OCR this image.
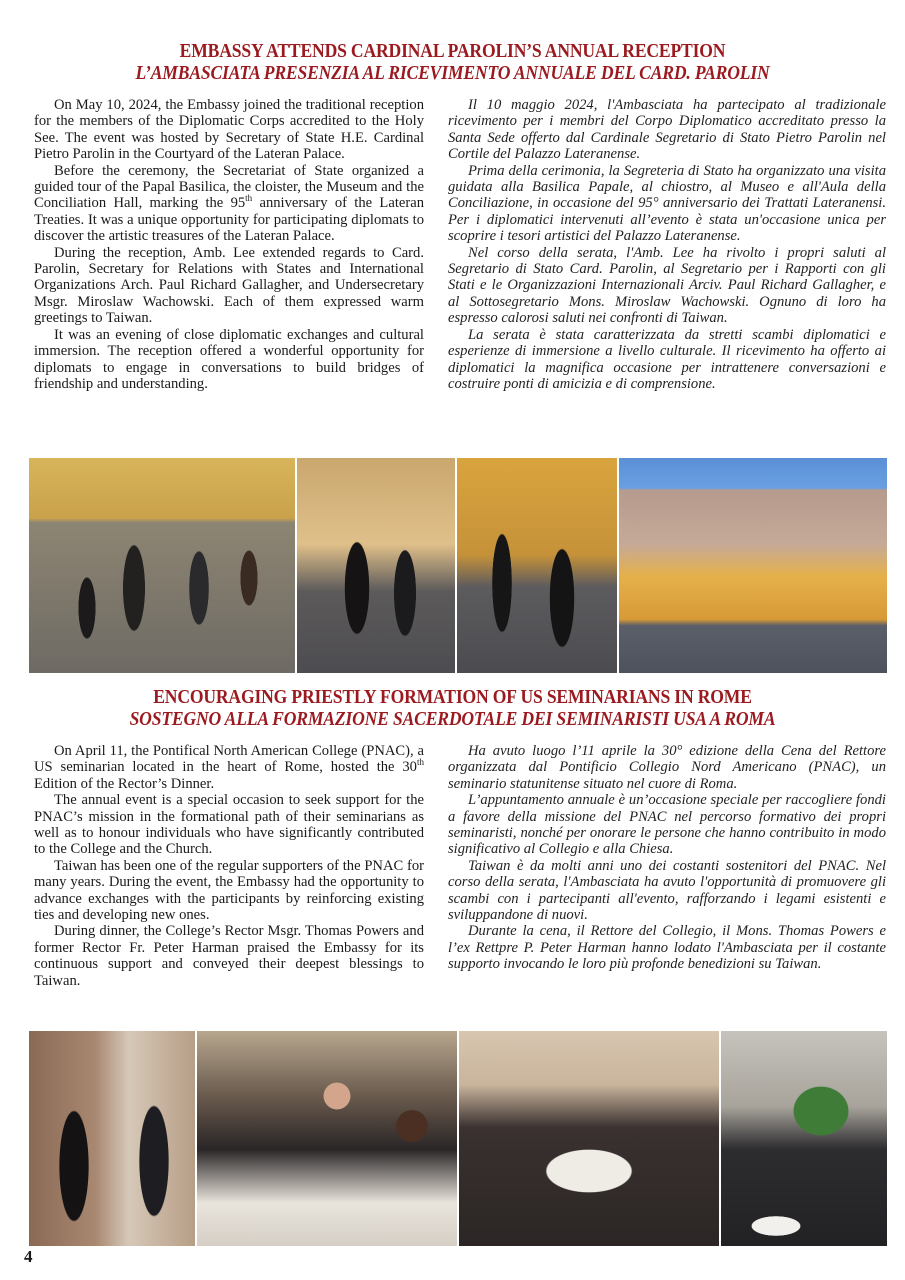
EMBASSY ATTENDS CARDINAL PAROLIN’S ANNUAL RECEPTION
L’AMBASCIATA PRESENZIA AL RICEVIMENTO ANNUALE DEL CARD. PAROLIN

On May 10, 2024, the Embassy joined the traditional reception for the members of the Diplomatic Corps accredited to the Holy See. The event was hosted by Secretary of State H.E. Cardinal Pietro Parolin in the Courtyard of the Lateran Palace.

Before the ceremony, the Secretariat of State organized a guided tour of the Papal Basilica, the cloister, the Museum and the Conciliation Hall, marking the 95th anniversary of the Lateran Treaties. It was a unique opportunity for participating diplomats to discover the artistic treasures of the Lateran Palace.

During the reception, Amb. Lee extended regards to Card. Parolin, Secretary for Relations with States and International Organizations Arch. Paul Richard Gallagher, and Undersecretary Msgr. Miroslaw Wachowski. Each of them expressed warm greetings to Taiwan.

It was an evening of close diplomatic exchanges and cultural immersion. The reception offered a wonderful opportunity for diplomats to engage in conversations to build bridges of friendship and understanding.

Il 10 maggio 2024, l'Ambasciata ha partecipato al tradizionale ricevimento per i membri del Corpo Diplomatico accreditato presso la Santa Sede offerto dal Cardinale Segretario di Stato Pietro Parolin nel Cortile del Palazzo Lateranense.

Prima della cerimonia, la Segreteria di Stato ha organizzato una visita guidata alla Basilica Papale, al chiostro, al Museo e all'Aula della Conciliazione, in occasione del 95° anniversario dei Trattati Lateranensi. Per i diplomatici intervenuti all’evento è stata un'occasione unica per scoprire i tesori artistici del Palazzo Lateranense.

Nel corso della serata, l'Amb. Lee ha rivolto i propri saluti al Segretario di Stato Card. Parolin, al Segretario per i Rapporti con gli Stati e le Organizzazioni Internazionali Arciv. Paul Richard Gallagher, e al Sottosegretario Mons. Miroslaw Wachowski. Ognuno di loro ha espresso calorosi saluti nei confronti di Taiwan.

La serata è stata caratterizzata da stretti scambi diplomatici e esperienze di immersione a livello culturale. Il ricevimento ha offerto ai diplomatici la magnifica occasione per intrattenere conversazioni e costruire ponti di amicizia e di comprensione.

ENCOURAGING PRIESTLY FORMATION OF US SEMINARIANS IN ROME
SOSTEGNO ALLA FORMAZIONE SACERDOTALE DEI SEMINARISTI USA A ROMA

On April 11, the Pontifical North American College (PNAC), a US seminarian located in the heart of Rome, hosted the 30th Edition of the Rector’s Dinner.

The annual event is a special occasion to seek support for the PNAC’s mission in the formational path of their seminarians as well as to honour individuals who have significantly contributed to the College and the Church.

Taiwan has been one of the regular supporters of the PNAC for many years. During the event, the Embassy had the opportunity to advance exchanges with the participants by reinforcing existing ties and developing new ones.

During dinner, the College’s Rector Msgr. Thomas Powers and former Rector Fr. Peter Harman praised the Embassy for its continuous support and conveyed their deepest blessings to Taiwan.

Ha avuto luogo l’11 aprile la 30° edizione della Cena del Rettore organizzata dal Pontificio Collegio Nord Americano (PNAC), un seminario statunitense situato nel cuore di Roma.

L’appuntamento annuale è un’occasione speciale per raccogliere fondi a favore della missione del PNAC nel percorso formativo dei propri seminaristi, nonché per onorare le persone che hanno contribuito in modo significativo al Collegio e alla Chiesa.

Taiwan è da molti anni uno dei costanti sostenitori del PNAC. Nel corso della serata, l'Ambasciata ha avuto l'opportunità di promuovere gli scambi con i partecipanti all'evento, rafforzando i legami esistenti e sviluppandone di nuovi.

Durante la cena, il Rettore del Collegio, il Mons. Thomas Powers e l’ex Rettpre P. Peter Harman hanno lodato l'Ambasciata per il costante supporto invocando le loro più profonde benedizioni su Taiwan.

4
